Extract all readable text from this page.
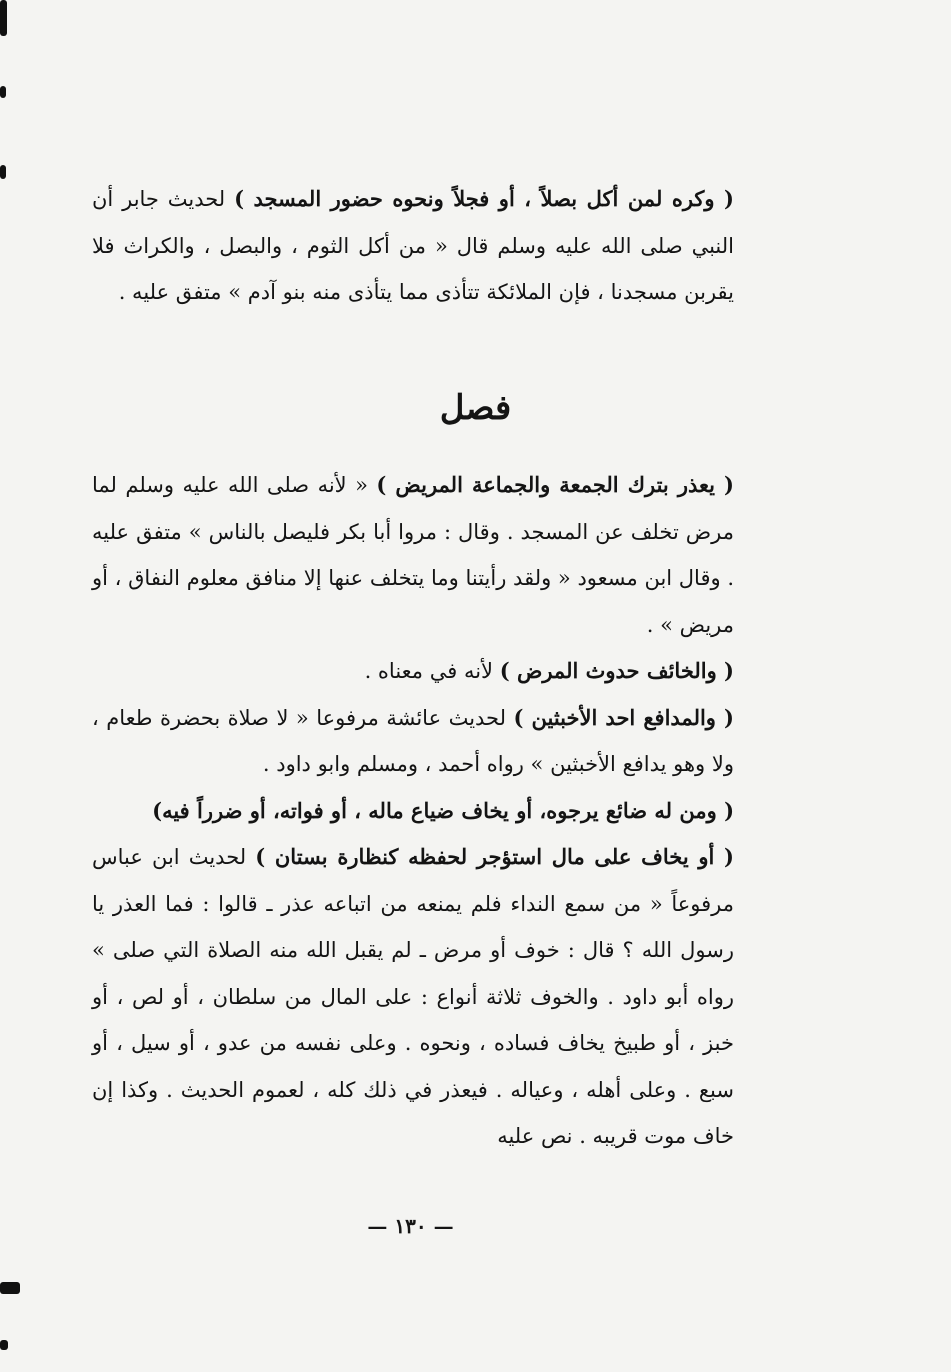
( وكره لمن أكل بصلاً ، أو فجلاً ونحوه حضور المسجد ) لحديث جابر أن النبي صلى الله عليه وسلم قال « من أكل الثوم ، والبصل ، والكراث فلا يقربن مسجدنا ، فإن الملائكة تتأذى مما يتأذى منه بنو آدم » متفق عليه .

فصل

( يعذر بترك الجمعة والجماعة المريض ) « لأنه صلى الله عليه وسلم لما مرض تخلف عن المسجد . وقال : مروا أبا بكر فليصل بالناس » متفق عليه . وقال ابن مسعود « ولقد رأيتنا وما يتخلف عنها إلا منافق معلوم النفاق ، أو مريض » .

( والخائف حدوث المرض ) لأنه في معناه .

( والمدافع احد الأخبثين ) لحديث عائشة مرفوعا « لا صلاة بحضرة طعام ، ولا وهو يدافع الأخبثين » رواه أحمد ، ومسلم وابو داود .

( ومن له ضائع يرجوه، أو يخاف ضياع ماله ، أو فواته، أو ضرراً فيه)

( أو يخاف على مال استؤجر لحفظه كنظارة بستان ) لحديث ابن عباس مرفوعاً « من سمع النداء فلم يمنعه من اتباعه عذر ـ قالوا : فما العذر يا رسول الله ؟ قال : خوف أو مرض ـ لم يقبل الله منه الصلاة التي صلى » رواه أبو داود . والخوف ثلاثة أنواع : على المال من سلطان ، أو لص ، أو خبز ، أو طبيخ يخاف فساده ، ونحوه . وعلى نفسه من عدو ، أو سيل ، أو سبع . وعلى أهله ، وعياله . فيعذر في ذلك كله ، لعموم الحديث . وكذا إن خاف موت قريبه . نص عليه

— ١٣٠ —
